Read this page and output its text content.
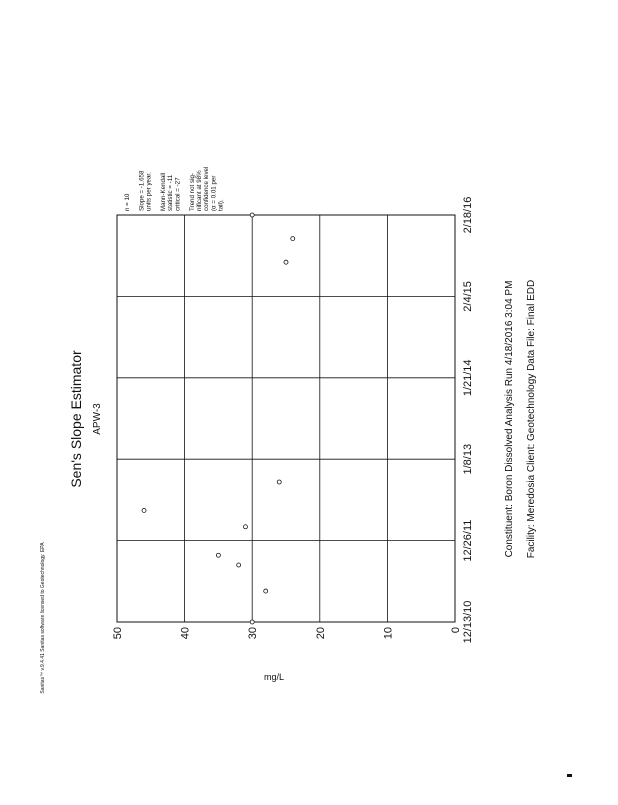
12/13/10
12/26/11
1/8/13
1/21/14
2/4/15
2/18/16
0
10
20
30
40
50
Sen's Slope Estimator APW-3
mg/L
n = 10 Slope = -1.658 units per year. Mann-Kendall statistic = -11 critical = -27 Trend not sig- nificant at 98% confidence level (α = 0.01 per tail).
Constituent: Boron Dissolved Analysis Run 4/18/2016 3:04 PM Facility: Meredosia Client: Geotechnology Data File: Final EDD
Sanitas™ v.9.4.41 Sanitas software licensed to Geotechnology. EPA
